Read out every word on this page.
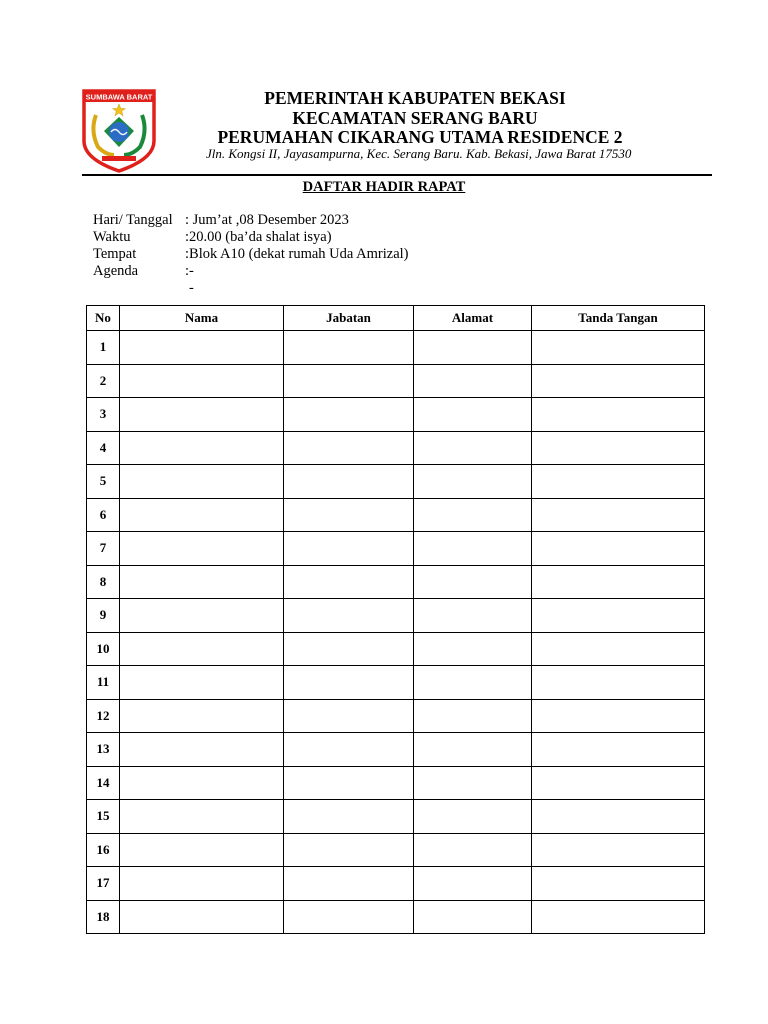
SUMBAWA BARAT	PEMERINTAH KABUPATEN BEKASI
KECAMATAN SERANG BARU
PERUMAHAN CIKARANG UTAMA RESIDENCE 2
Jln. Kongsi II, Jayasampurna, Kec. Serang Baru. Kab. Bekasi, Jawa Barat 17530
DAFTAR HADIR RAPAT
Hari/ Tanggal : Jum’at ,08 Desember 2023
Waktu	:20.00 (ba’da shalat isya)
Tempat	:Blok A10 (dekat rumah Uda Amrizal)
Agenda	:-
-
No	Nama	Jabatan	Alamat	Tanda Tangan
1				
2				
3				
4				
5				
6				
7				
8				
9				
10				
11				
12				
13				
14				
15				
16				
17				
18				
